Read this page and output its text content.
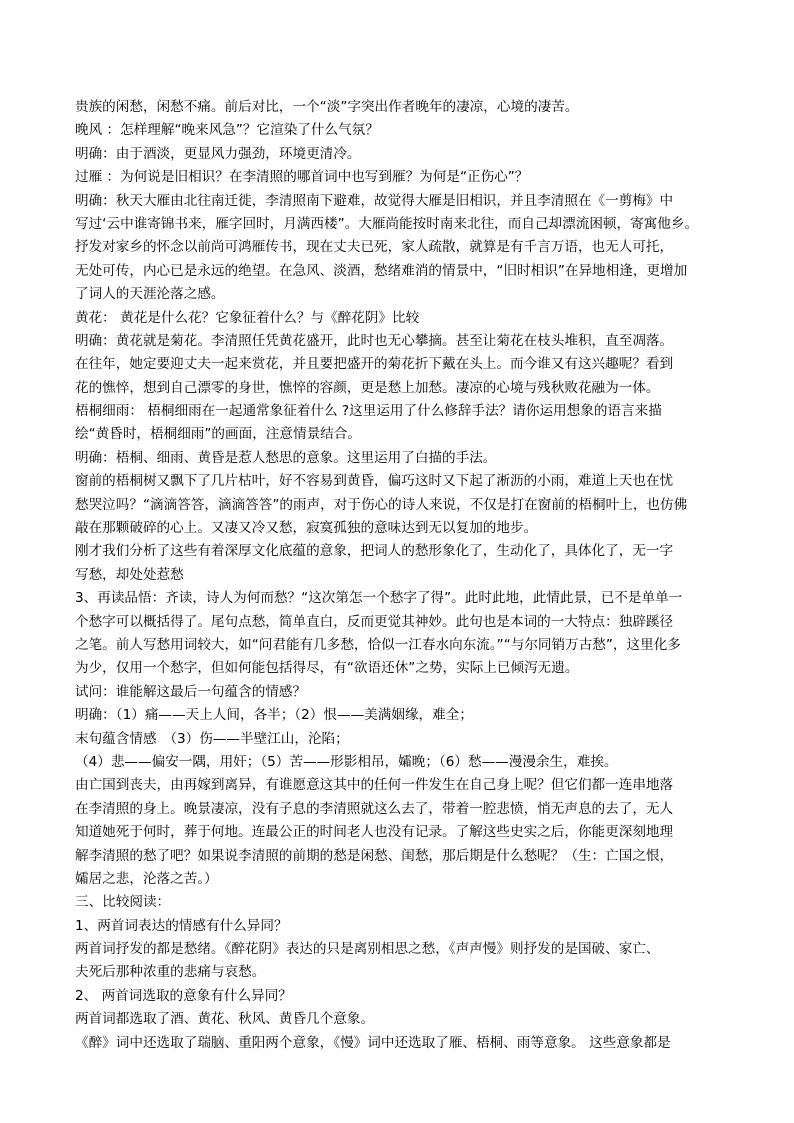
贵族的闲愁，闲愁不痛。前后对比，一个“淡”字突出作者晚年的凄凉，心境的凄苦。
晚风 ：怎样理解“晚来风急”？它渲染了什么气氛？
明确：由于酒淡，更显风力强劲，环境更清冷。
过雁 ：为何说是旧相识？在李清照的哪首词中也写到雁？为何是“正伤心”？
明确：秋天大雁由北往南迁徙，李清照南下避难，故觉得大雁是旧相识，并且李清照在《一剪梅》中
写过‘云中谁寄锦书来，雁字回时，月满西楼”。大雁尚能按时南来北往，而自己却漂流困顿，寄寓他乡。
抒发对家乡的怀念以前尚可鸿雁传书，现在丈夫已死，家人疏散，就算是有千言万语，也无人可托，
无处可传，内心已是永远的绝望。在急风、淡酒，愁绪难消的情景中，“旧时相识”在异地相逢，更增加
了词人的天涯沦落之感。
黄花： 黄花是什么花？它象征着什么？与《醉花阴》比较
明确：黄花就是菊花。李清照任凭黄花盛开，此时也无心攀摘。甚至让菊花在枝头堆积，直至凋落。
在往年，她定要迎丈夫一起来赏花，并且要把盛开的菊花折下戴在头上。而今谁又有这兴趣呢？看到
花的憔悴，想到自己漂零的身世，憔悴的容颜，更是愁上加愁。凄凉的心境与残秋败花融为一体。
梧桐细雨： 梧桐细雨在一起通常象征着什么 ?这里运用了什么修辞手法？请你运用想象的语言来描
绘“黄昏时，梧桐细雨”的画面，注意情景结合。
明确：梧桐、细雨、黄昏是惹人愁思的意象。这里运用了白描的手法。
窗前的梧桐树又飘下了几片枯叶，好不容易到黄昏，偏巧这时又下起了淅沥的小雨，难道上天也在忧
愁哭泣吗？“滴滴答答，滴滴答答”的雨声，对于伤心的诗人来说，不仅是打在窗前的梧桐叶上，也仿佛
敲在那颗破碎的心上。又凄又冷又愁，寂寞孤独的意味达到无以复加的地步。
刚才我们分析了这些有着深厚文化底蕴的意象，把词人的愁形象化了，生动化了，具体化了，无一字
写愁，却处处惹愁
3、再读品悟：齐读，诗人为何而愁？“这次第怎一个愁字了得”。此时此地，此情此景，已不是单单一
个愁字可以概括得了。尾句点愁，简单直白，反而更觉其神妙。此句也是本词的一大特点：独辟蹊径
之笔。前人写愁用词较大，如“问君能有几多愁，恰似一江春水向东流。”“与尔同销万古愁”，这里化多
为少，仅用一个愁字，但如何能包括得尽，有“欲语还休”之势，实际上已倾泻无遗。
试问：谁能解这最后一句蕴含的情感？
明确：（1）痛——天上人间，各半；（2）恨——美满姻缘，难全；
末句蕴含情感　（3）伤——半壁江山，沦陷；
（4）悲——偏安一隅，用奸；（5）苦——形影相吊，孀晚；（6）愁——漫漫余生，难挨。
由亡国到丧夫，由再嫁到离异，有谁愿意这其中的任何一件发生在自己身上呢？但它们都一连串地落
在李清照的身上。晚景凄凉，没有子息的李清照就这么去了，带着一腔悲愤，悄无声息的去了，无人
知道她死于何时，葬于何地。连最公正的时间老人也没有记录。了解这些史实之后，你能更深刻地理
解李清照的愁了吧？如果说李清照的前期的愁是闲愁、闺愁，那后期是什么愁呢？（生：亡国之恨，
孀居之悲，沦落之苦。）
三、比较阅读：
1、两首词表达的情感有什么异同？
两首词抒发的都是愁绪。《醉花阴》表达的只是离别相思之愁，《声声慢》则抒发的是国破、家亡、
夫死后那种浓重的悲痛与哀愁。
2、 两首词选取的意象有什么异同？
两首词都选取了酒、黄花、秋风、黄昏几个意象。
《醉》词中还选取了瑞脑、重阳两个意象，《慢》词中还选取了雁、梧桐、雨等意象。 这些意象都是
